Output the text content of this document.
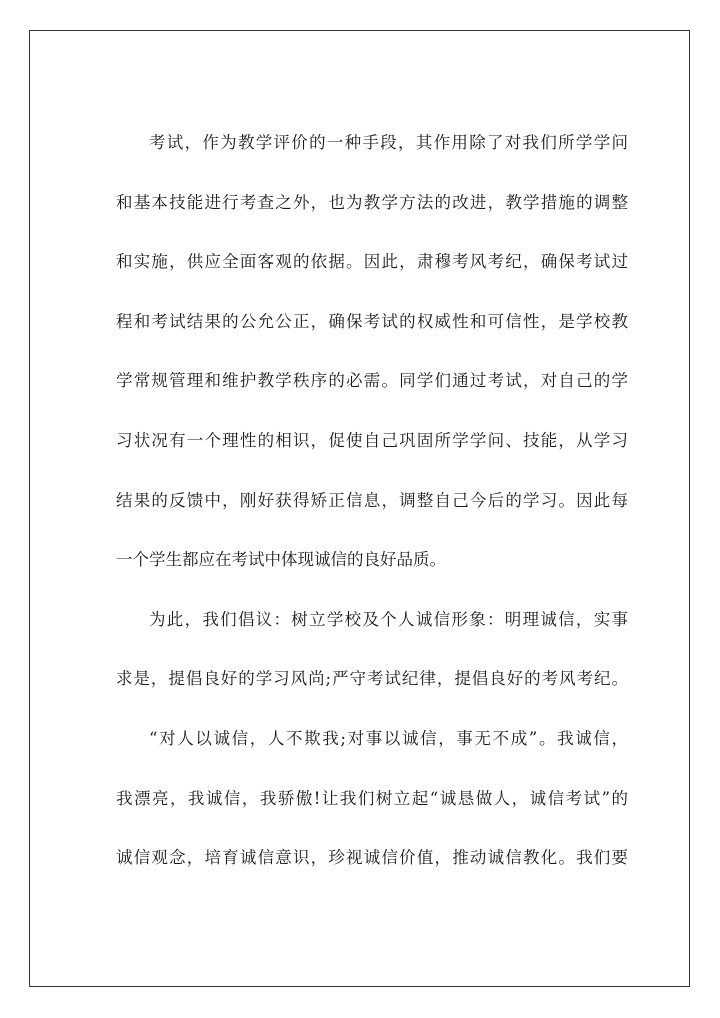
考试，作为教学评价的一种手段，其作用除了对我们所学学问
和基本技能进行考查之外，也为教学方法的改进，教学措施的调整
和实施，供应全面客观的依据。因此，肃穆考风考纪，确保考试过
程和考试结果的公允公正，确保考试的权威性和可信性，是学校教
学常规管理和维护教学秩序的必需。同学们通过考试，对自己的学
习状况有一个理性的相识，促使自己巩固所学学问、技能，从学习
结果的反馈中，刚好获得矫正信息，调整自己今后的学习。因此每
一个学生都应在考试中体现诚信的良好品质。
为此，我们倡议：树立学校及个人诚信形象：明理诚信，实事
求是，提倡良好的学习风尚;严守考试纪律，提倡良好的考风考纪。
“对人以诚信，人不欺我;对事以诚信，事无不成”。我诚信，
我漂亮，我诚信，我骄傲!让我们树立起“诚恳做人，诚信考试”的
诚信观念，培育诚信意识，珍视诚信价值，推动诚信教化。我们要
